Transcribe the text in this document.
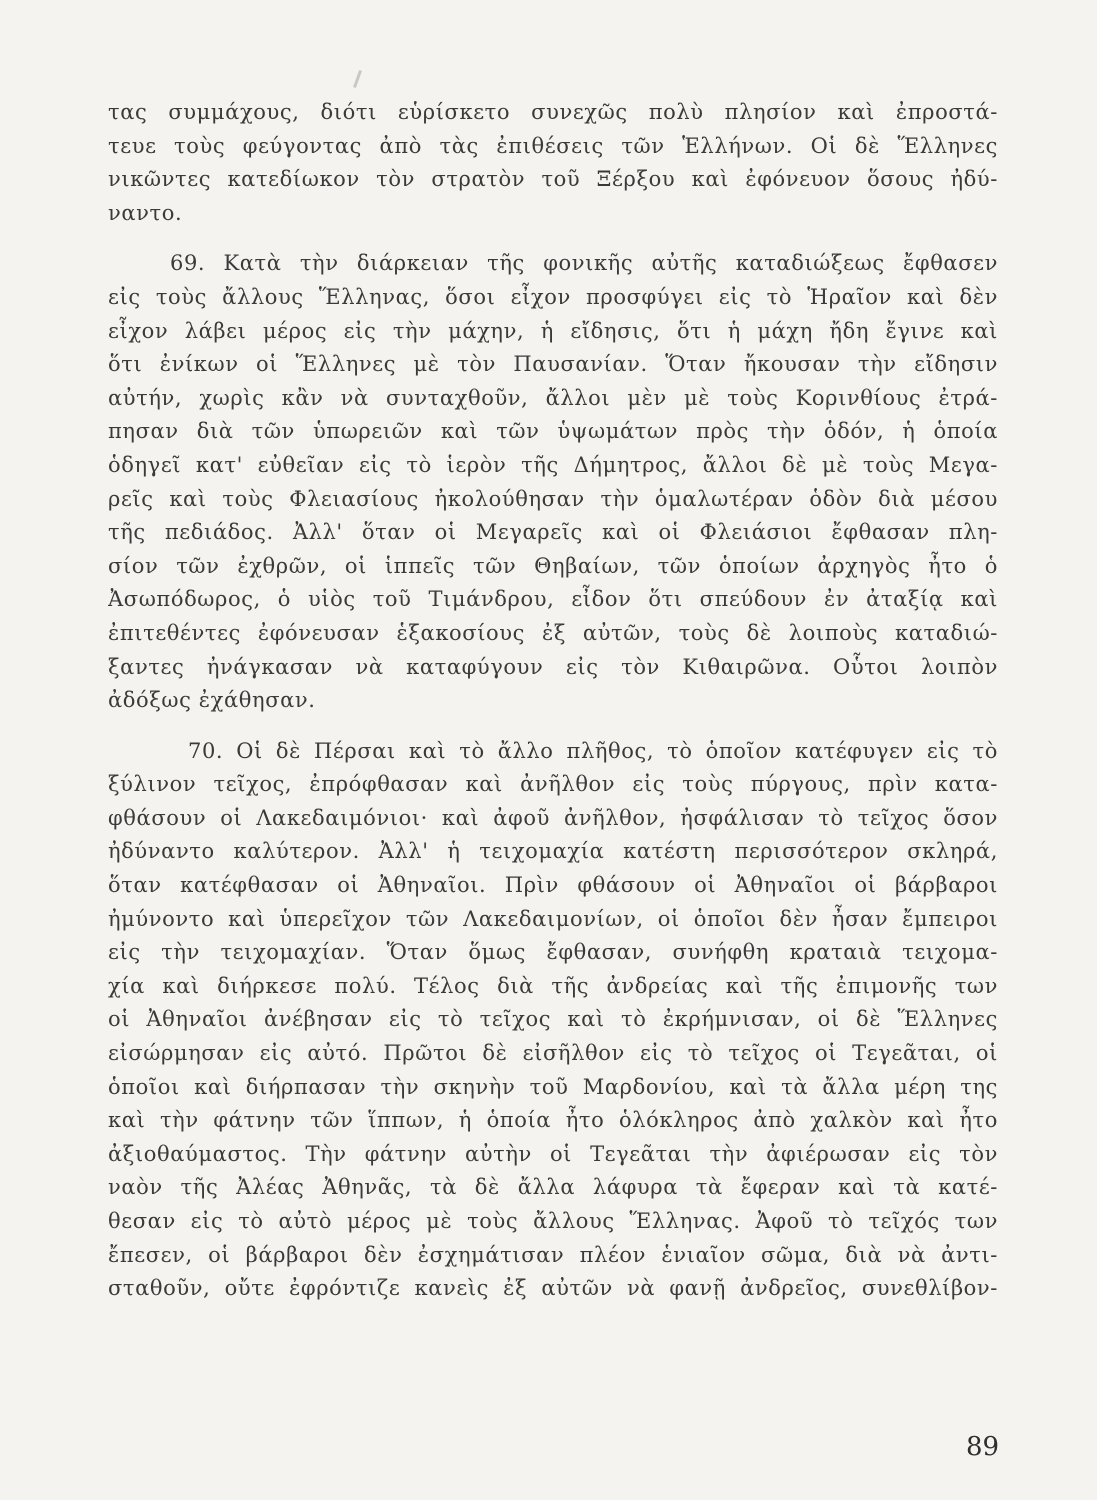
τας συμμάχους, διότι εὑρίσκετο συνεχῶς πολὺ πλησίον καὶ ἐπροστά-
τευε τοὺς φεύγοντας ἀπὸ τὰς ἐπιθέσεις τῶν Ἑλλήνων. Οἱ δὲ Ἕλληνες
νικῶντες κατεδίωκον τὸν στρατὸν τοῦ Ξέρξου καὶ ἐφόνευον ὅσους ἠδύ-
ναντο.
69. Κατὰ τὴν διάρκειαν τῆς φονικῆς αὐτῆς καταδιώξεως ἔφθασεν
εἰς τοὺς ἄλλους Ἕλληνας, ὅσοι εἶχον προσφύγει εἰς τὸ Ἡραῖον καὶ δὲν
εἶχον λάβει μέρος εἰς τὴν μάχην, ἡ εἴδησις, ὅτι ἡ μάχη ἤδη ἔγινε καὶ
ὅτι ἐνίκων οἱ Ἕλληνες μὲ τὸν Παυσανίαν. Ὅταν ἤκουσαν τὴν εἴδησιν
αὐτήν, χωρὶς κἂν νὰ συνταχθοῦν, ἄλλοι μὲν μὲ τοὺς Κορινθίους ἐτρά-
πησαν διὰ τῶν ὑπωρειῶν καὶ τῶν ὑψωμάτων πρὸς τὴν ὁδόν, ἡ ὁποία
ὁδηγεῖ κατ' εὐθεῖαν εἰς τὸ ἱερὸν τῆς Δήμητρος, ἄλλοι δὲ μὲ τοὺς Μεγα-
ρεῖς καὶ τοὺς Φλειασίους ἠκολούθησαν τὴν ὁμαλωτέραν ὁδὸν διὰ μέσου
τῆς πεδιάδος. Ἀλλ' ὅταν οἱ Μεγαρεῖς καὶ οἱ Φλειάσιοι ἔφθασαν πλη-
σίον τῶν ἐχθρῶν, οἱ ἱππεῖς τῶν Θηβαίων, τῶν ὁποίων ἀρχηγὸς ἦτο ὁ
Ἀσωπόδωρος, ὁ υἱὸς τοῦ Τιμάνδρου, εἶδον ὅτι σπεύδουν ἐν ἀταξίᾳ καὶ
ἐπιτεθέντες ἐφόνευσαν ἑξακοσίους ἐξ αὐτῶν, τοὺς δὲ λοιποὺς καταδιώ-
ξαντες ἠνάγκασαν νὰ καταφύγουν εἰς τὸν Κιθαιρῶνα. Οὗτοι λοιπὸν
ἀδόξως ἐχάθησαν.
70. Οἱ δὲ Πέρσαι καὶ τὸ ἄλλο πλῆθος, τὸ ὁποῖον κατέφυγεν εἰς τὸ
ξύλινον τεῖχος, ἐπρόφθασαν καὶ ἀνῆλθον εἰς τοὺς πύργους, πρὶν κατα-
φθάσουν οἱ Λακεδαιμόνιοι· καὶ ἀφοῦ ἀνῆλθον, ἠσφάλισαν τὸ τεῖχος ὅσον
ἠδύναντο καλύτερον. Ἀλλ' ἡ τειχομαχία κατέστη περισσότερον σκληρά,
ὅταν κατέφθασαν οἱ Ἀθηναῖοι. Πρὶν φθάσουν οἱ Ἀθηναῖοι οἱ βάρβαροι
ἠμύνοντο καὶ ὑπερεῖχον τῶν Λακεδαιμονίων, οἱ ὁποῖοι δὲν ἦσαν ἔμπειροι
εἰς τὴν τειχομαχίαν. Ὅταν ὅμως ἔφθασαν, συνήφθη κραταιὰ τειχομα-
χία καὶ διήρκεσε πολύ. Τέλος διὰ τῆς ἀνδρείας καὶ τῆς ἐπιμονῆς των
οἱ Ἀθηναῖοι ἀνέβησαν εἰς τὸ τεῖχος καὶ τὸ ἐκρήμνισαν, οἱ δὲ Ἕλληνες
εἰσώρμησαν εἰς αὐτό. Πρῶτοι δὲ εἰσῆλθον εἰς τὸ τεῖχος οἱ Τεγεᾶται, οἱ
ὁποῖοι καὶ διήρπασαν τὴν σκηνὴν τοῦ Μαρδονίου, καὶ τὰ ἄλλα μέρη της
καὶ τὴν φάτνην τῶν ἵππων, ἡ ὁποία ἦτο ὁλόκληρος ἀπὸ χαλκὸν καὶ ἦτο
ἀξιοθαύμαστος. Τὴν φάτνην αὐτὴν οἱ Τεγεᾶται τὴν ἀφιέρωσαν εἰς τὸν
ναὸν τῆς Ἀλέας Ἀθηνᾶς, τὰ δὲ ἄλλα λάφυρα τὰ ἔφεραν καὶ τὰ κατέ-
θεσαν εἰς τὸ αὐτὸ μέρος μὲ τοὺς ἄλλους Ἕλληνας. Ἀφοῦ τὸ τεῖχός των
ἔπεσεν, οἱ βάρβαροι δὲν ἐσχημάτισαν πλέον ἑνιαῖον σῶμα, διὰ νὰ ἀντι-
σταθοῦν, οὔτε ἐφρόντιζε κανεὶς ἐξ αὐτῶν νὰ φανῇ ἀνδρεῖος, συνεθλίβον-
89
